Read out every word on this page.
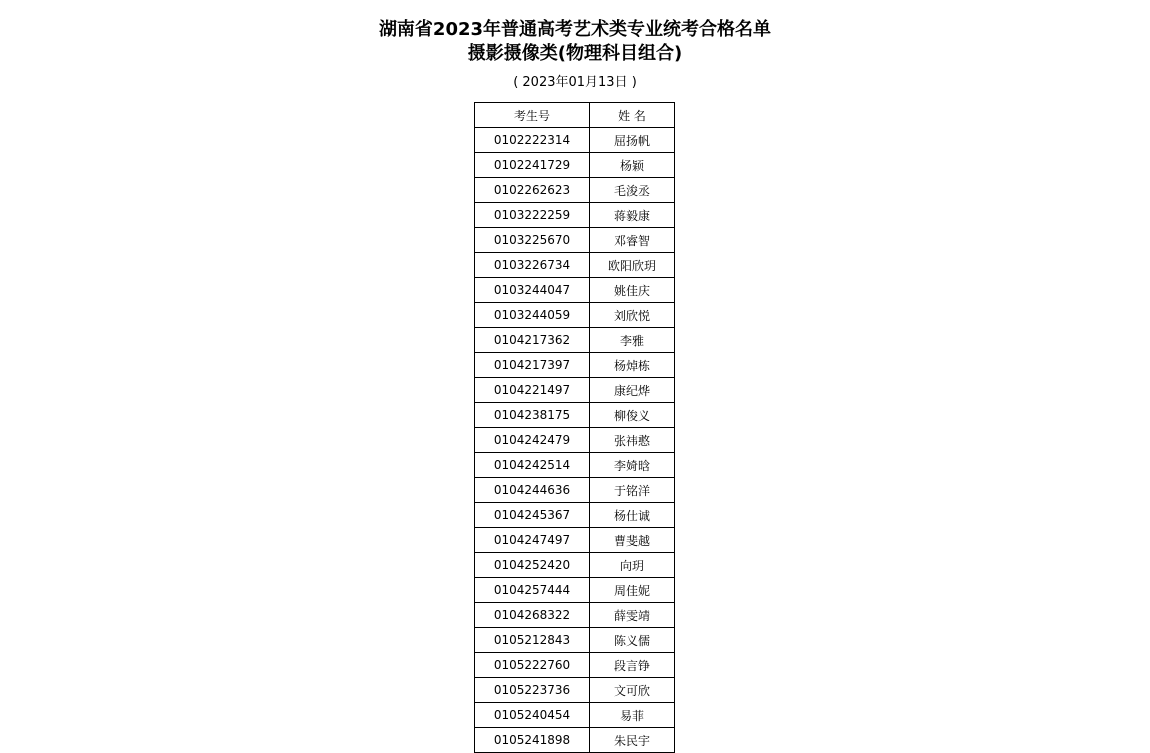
湖南省2023年普通高考艺术类专业统考合格名单
摄影摄像类(物理科目组合)
( 2023年01月13日 )
考生号	姓 名
0102222314	屈扬帆
0102241729	杨颖
0102262623	毛浚丞
0103222259	蒋毅康
0103225670	邓睿智
0103226734	欧阳欣玥
0103244047	姚佳庆
0103244059	刘欣悦
0104217362	李雅
0104217397	杨焯栋
0104221497	康纪烨
0104238175	柳俊义
0104242479	张祎憨
0104242514	李婍晗
0104244636	于铭洋
0104245367	杨仕诚
0104247497	曹斐越
0104252420	向玥
0104257444	周佳妮
0104268322	薛雯靖
0105212843	陈义儒
0105222760	段言铮
0105223736	文可欣
0105240454	易菲
0105241898	朱民宇
